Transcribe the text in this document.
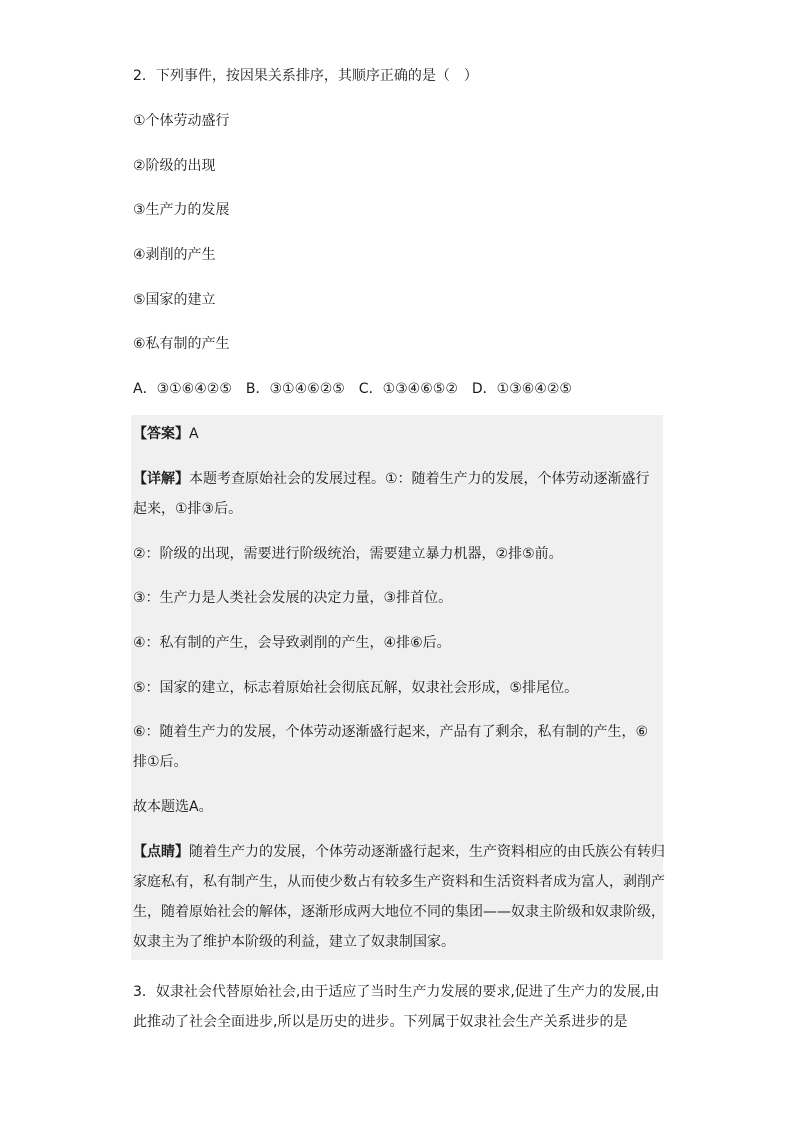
2．下列事件，按因果关系排序，其顺序正确的是（　）
①个体劳动盛行
②阶级的出现
③生产力的发展
④剥削的产生
⑤国家的建立
⑥私有制的产生
A．③①⑥④②⑤　B．③①④⑥②⑤　C．①③④⑥⑤②　D．①③⑥④②⑤
【答案】A
【详解】本题考查原始社会的发展过程。①：随着生产力的发展，个体劳动逐渐盛行
起来，①排③后。
②：阶级的出现，需要进行阶级统治，需要建立暴力机器，②排⑤前。
③：生产力是人类社会发展的决定力量，③排首位。
④：私有制的产生，会导致剥削的产生，④排⑥后。
⑤：国家的建立，标志着原始社会彻底瓦解，奴隶社会形成，⑤排尾位。
⑥：随着生产力的发展，个体劳动逐渐盛行起来，产品有了剩余，私有制的产生，⑥
排①后。
故本题选A。
【点睛】随着生产力的发展，个体劳动逐渐盛行起来，生产资料相应的由氏族公有转归
家庭私有，私有制产生，从而使少数占有较多生产资料和生活资料者成为富人，剥削产
生，随着原始社会的解体，逐渐形成两大地位不同的集团——奴隶主阶级和奴隶阶级，
奴隶主为了维护本阶级的利益，建立了奴隶制国家。
3．奴隶社会代替原始社会,由于适应了当时生产力发展的要求,促进了生产力的发展,由
此推动了社会全面进步,所以是历史的进步。下列属于奴隶社会生产关系进步的是
